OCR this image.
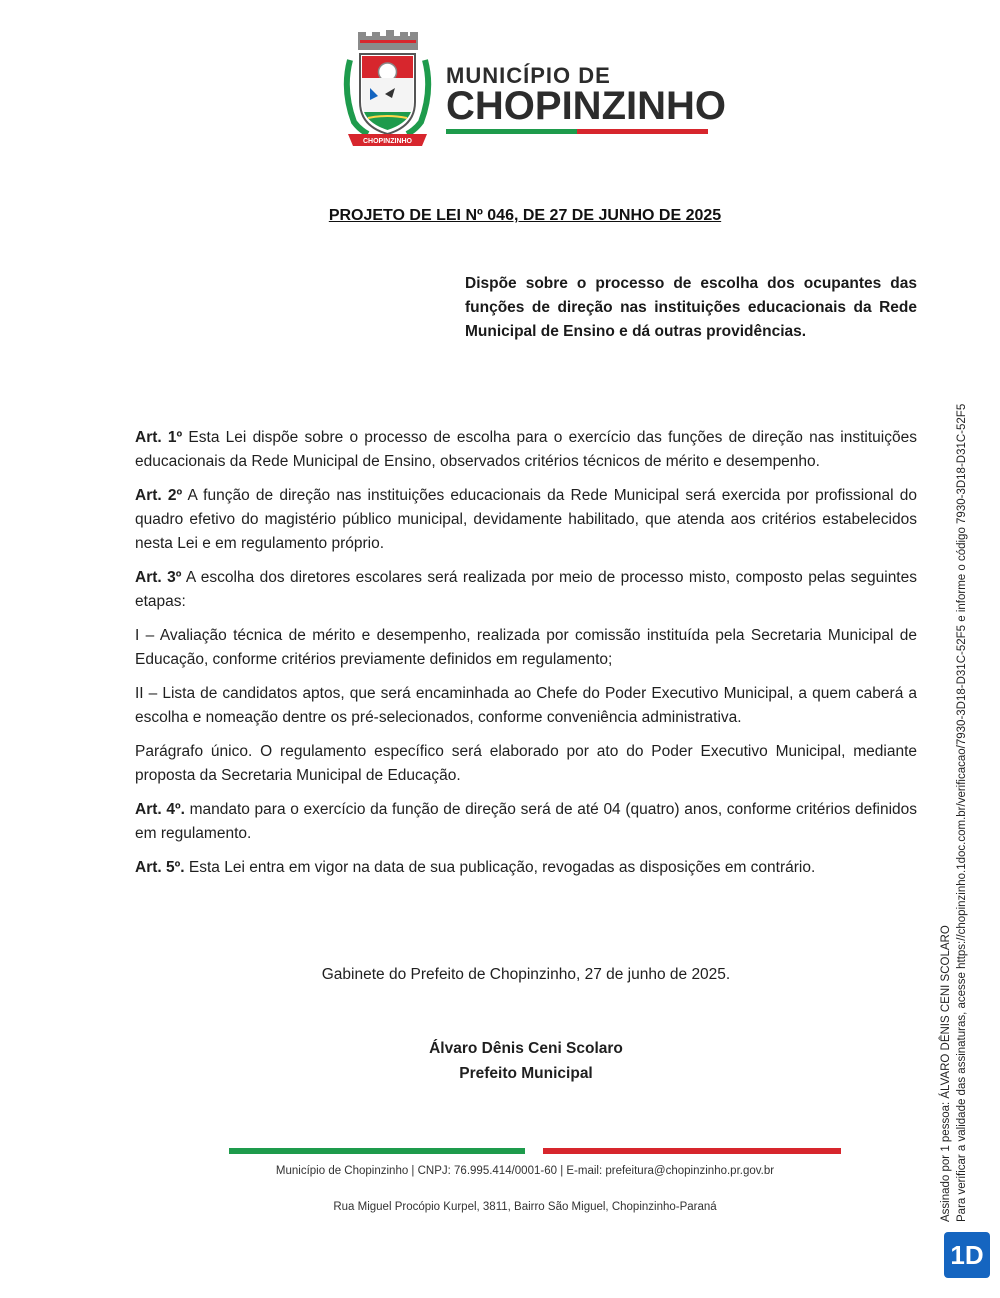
CHOPINZINHO
MUNICÍPIO DE
CHOPINZINHO
PROJETO DE LEI Nº 046, DE 27 DE JUNHO DE 2025
Dispõe sobre o processo de escolha dos ocupantes das funções de direção nas instituições educacionais da Rede Municipal de Ensino e dá outras providências.

Art. 1º Esta Lei dispõe sobre o processo de escolha para o exercício das funções de direção nas instituições educacionais da Rede Municipal de Ensino, observados critérios técnicos de mérito e desempenho.

Art. 2º A função de direção nas instituições educacionais da Rede Municipal será exercida por profissional do quadro efetivo do magistério público municipal, devidamente habilitado, que atenda aos critérios estabelecidos nesta Lei e em regulamento próprio.

Art. 3º A escolha dos diretores escolares será realizada por meio de processo misto, composto pelas seguintes etapas:

I – Avaliação técnica de mérito e desempenho, realizada por comissão instituída pela Secretaria Municipal de Educação, conforme critérios previamente definidos em regulamento;

II – Lista de candidatos aptos, que será encaminhada ao Chefe do Poder Executivo Municipal, a quem caberá a escolha e nomeação dentre os pré-selecionados, conforme conveniência administrativa.

Parágrafo único. O regulamento específico será elaborado por ato do Poder Executivo Municipal, mediante proposta da Secretaria Municipal de Educação.

Art. 4º. mandato para o exercício da função de direção será de até 04 (quatro) anos, conforme critérios definidos em regulamento.

Art. 5º. Esta Lei entra em vigor na data de sua publicação, revogadas as disposições em contrário.

Gabinete do Prefeito de Chopinzinho, 27 de junho de 2025.
Álvaro Dênis Ceni Scolaro
Prefeito Municipal
Município de Chopinzinho | CNPJ: 76.995.414/0001-60 | E-mail: prefeitura@chopinzinho.pr.gov.br
Rua Miguel Procópio Kurpel, 3811, Bairro São Miguel, Chopinzinho-Paraná	Assinado por 1 pessoa: ÁLVARO DÊNIS CENI SCOLARO Para verificar a validade das assinaturas, acesse https://chopinzinho.1doc.com.br/verificacao/7930-3D18-D31C-52F5 e informe o código 7930-3D18-D31C-52F5
1D
